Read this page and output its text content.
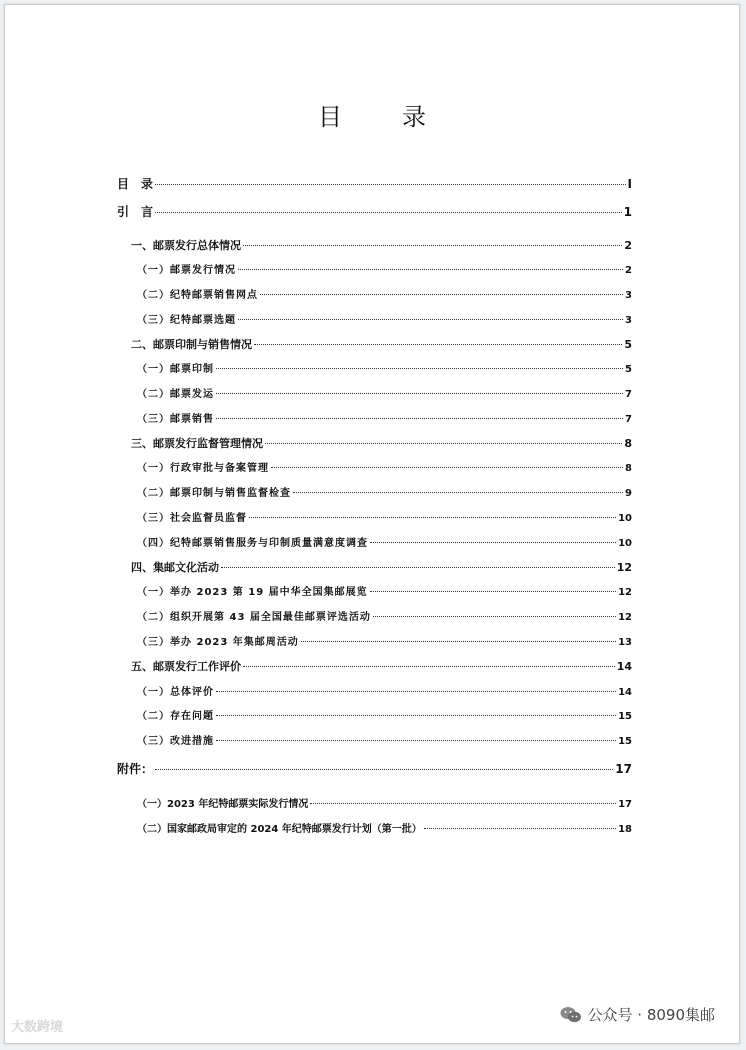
目　录
目　录	I
引　言	1
一、邮票发行总体情况	2
（一）邮票发行情况	2
（二）纪特邮票销售网点	3
（三）纪特邮票选题	3
二、邮票印制与销售情况	5
（一）邮票印制	5
（二）邮票发运	7
（三）邮票销售	7
三、邮票发行监督管理情况	8
（一）行政审批与备案管理	8
（二）邮票印制与销售监督检查	9
（三）社会监督员监督	10
（四）纪特邮票销售服务与印制质量满意度调查	10
四、集邮文化活动	12
（一）举办 2023 第 19 届中华全国集邮展览	12
（二）组织开展第 43 届全国最佳邮票评选活动	12
（三）举办 2023 年集邮周活动	13
五、邮票发行工作评价	14
（一）总体评价	14
（二）存在问题	15
（三）改进措施	15
附件：	17
（一）2023 年纪特邮票实际发行情况	17
（二）国家邮政局审定的 2024 年纪特邮票发行计划（第一批）	18
大数跨境
公众号 · 8090集邮
